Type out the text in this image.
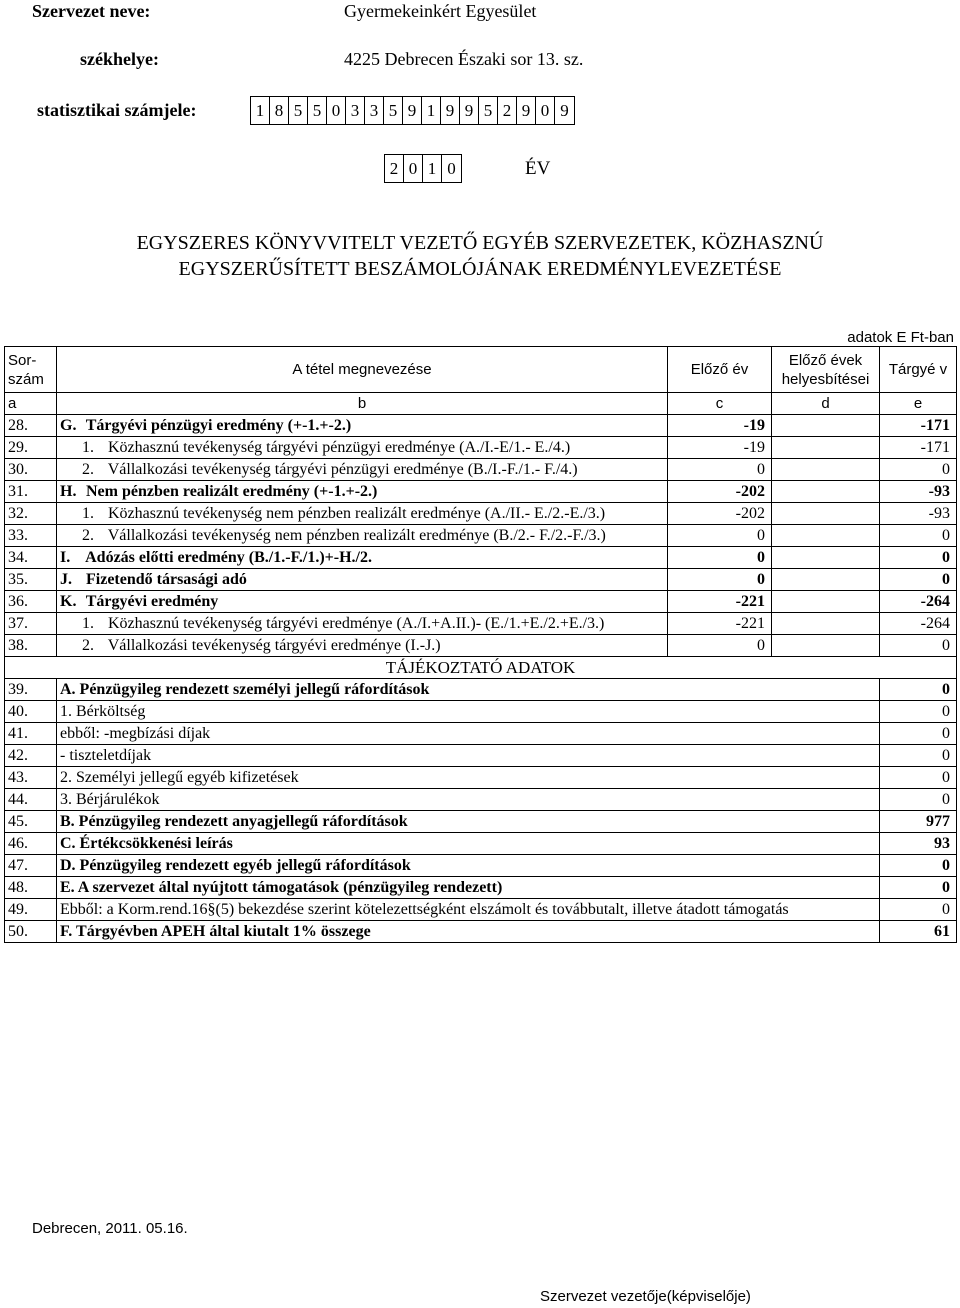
Szervezet neve:	Gyermekeinkért Egyesület
székhelye:	4225 Debrecen Északi sor 13. sz.
statisztikai számjele:	1 8 5 5 0 3 3 5 9 1 9 9 5 2 9 0 9
2 0 1 0	ÉV
EGYSZERES KÖNYVVITELT VEZETŐ EGYÉB SZERVEZETEK, KÖZHASZNÚ
EGYSZERŰSÍTETT BESZÁMOLÓJÁNAK EREDMÉNYLEVEZETÉSE
adatok E Ft-ban
Sor- szám	A tétel megnevezése	Előző év	Előző évek helyesbítései	Tárgyé v
a	b	c	d	e
28.	G. Tárgyévi pénzügyi eredmény (+-1.+-2.)	-19		-171
29.	1. Közhasznú tevékenység tárgyévi pénzügyi eredménye (A./I.-E/1.- E./4.)	-19		-171
30.	2. Vállalkozási tevékenység tárgyévi pénzügyi eredménye (B./I.-F./1.- F./4.)	0		0
31.	H. Nem pénzben realizált eredmény (+-1.+-2.)	-202		-93
32.	1. Közhasznú tevékenység nem pénzben realizált eredménye (A./II.- E./2.-E./3.)	-202		-93
33.	2. Vállalkozási tevékenység nem pénzben realizált eredménye (B./2.- F./2.-F./3.)	0		0
34.	I. Adózás előtti eredmény (B./1.-F./1.)+-H./2.	0		0
35.	J. Fizetendő társasági adó	0		0
36.	K. Tárgyévi eredmény	-221		-264
37.	1. Közhasznú tevékenység tárgyévi eredménye (A./I.+A.II.)- (E./1.+E./2.+E./3.)	-221		-264
38.	2. Vállalkozási tevékenység tárgyévi eredménye (I.-J.)	0		0
TÁJÉKOZTATÓ ADATOK				
39.	A. Pénzügyileg rendezett személyi jellegű ráfordítások			0
40.	1. Bérköltség			0
41.	ebből: -megbízási díjak			0
42.	- tiszteletdíjak			0
43.	2. Személyi jellegű egyéb kifizetések			0
44.	3. Bérjárulékok			0
45.	B. Pénzügyileg rendezett anyagjellegű ráfordítások			977
46.	C. Értékcsökkenési leírás			93
47.	D. Pénzügyileg rendezett egyéb jellegű ráfordítások			0
48.	E. A szervezet által nyújtott támogatások (pénzügyileg rendezett)			0
49.	Ebből: a Korm.rend.16§(5) bekezdése szerint kötelezettségként elszámolt és továbbutalt, illetve átadott támogatás			0
50.	F. Tárgyévben APEH által kiutalt 1% összege			61
Debrecen, 2011. 05.16.
Szervezet vezetője(képviselője)
